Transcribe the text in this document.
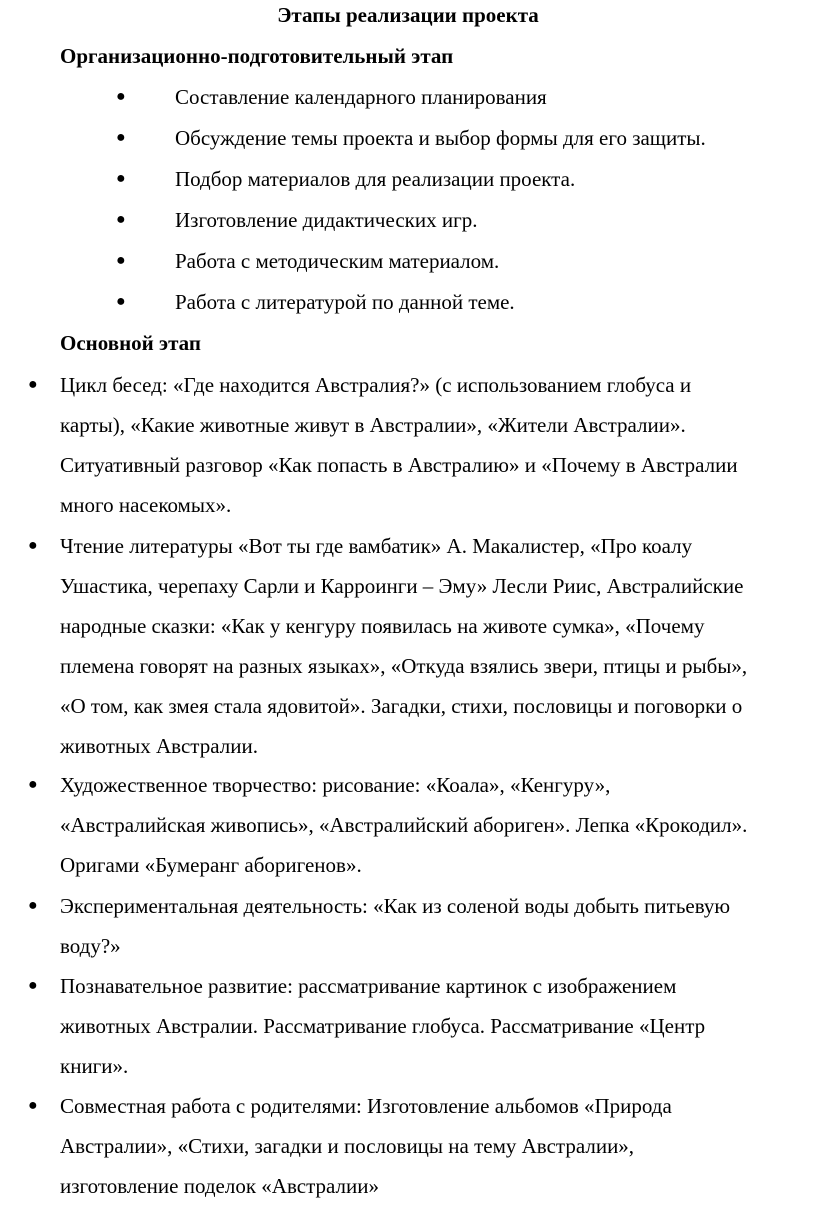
Этапы реализации проекта
Организационно-подготовительный этап
● Составление календарного планирования
● Обсуждение темы проекта и выбор формы для его защиты.
● Подбор материалов для реализации проекта.
● Изготовление дидактических игр.
● Работа с методическим материалом.
● Работа с литературой по данной теме.
Основной этап
● Цикл бесед: «Где находится Австралия?» (с использованием глобуса и
карты), «Какие животные живут в Австралии», «Жители Австралии».
Ситуативный разговор «Как попасть в Австралию» и «Почему в Австралии
много насекомых».
● Чтение литературы «Вот ты где вамбатик» А. Макалистер, «Про коалу
Ушастика, черепаху Сарли и Карроинги – Эму» Лесли Риис, Австралийские
народные сказки: «Как у кенгуру появилась на животе сумка», «Почему
племена говорят на разных языках», «Откуда взялись звери, птицы и рыбы»,
«О том, как змея стала ядовитой». Загадки, стихи, пословицы и поговорки о
животных Австралии.
● Художественное творчество: рисование: «Коала», «Кенгуру»,
«Австралийская живопись», «Австралийский абориген». Лепка «Крокодил».
Оригами «Бумеранг аборигенов».
● Экспериментальная деятельность: «Как из соленой воды добыть питьевую
воду?»
● Познавательное развитие: рассматривание картинок с изображением
животных Австралии. Рассматривание глобуса. Рассматривание «Центр
книги».
● Совместная работа с родителями: Изготовление альбомов «Природа
Австралии», «Стихи, загадки и пословицы на тему Австралии»,
изготовление поделок «Австралии»
